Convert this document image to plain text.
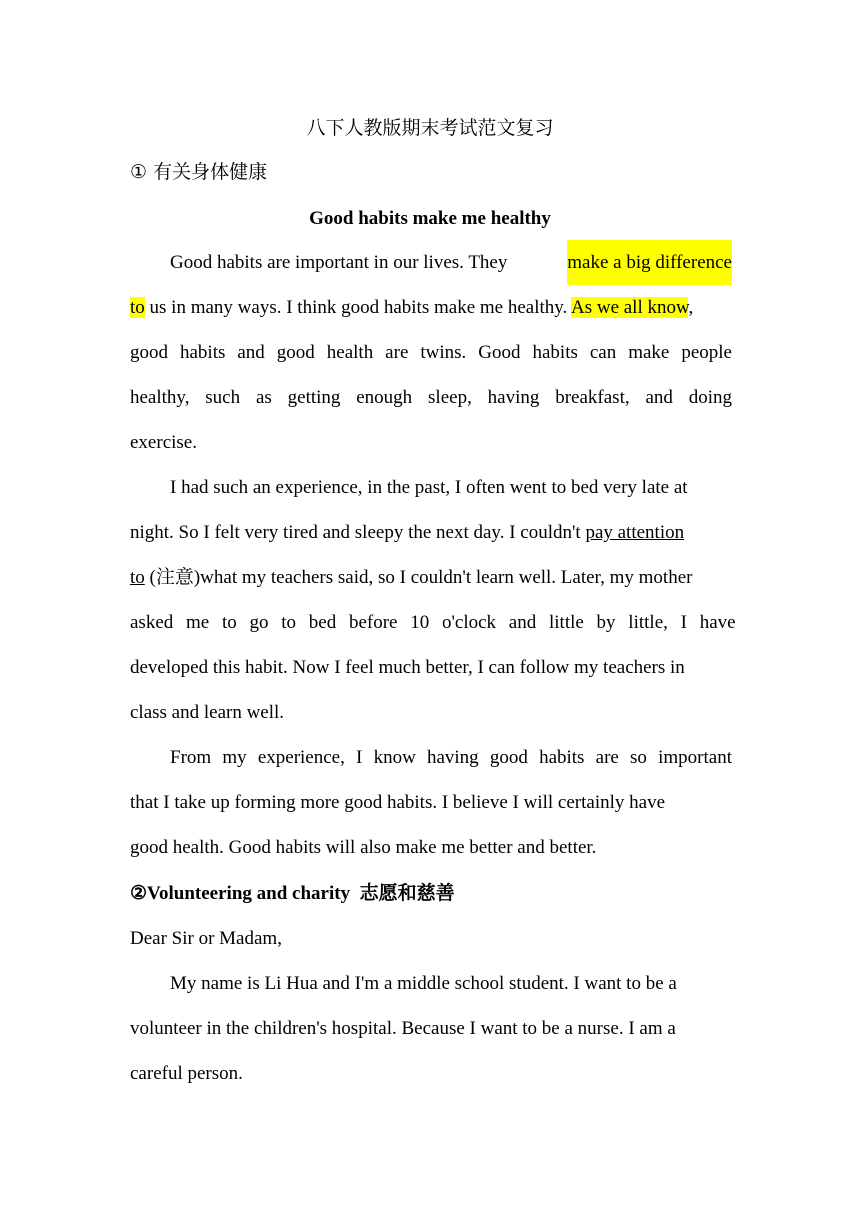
八下人教版期末考试范文复习
① 有关身体健康
Good habits make me healthy
Good habits are important in our lives. They	make a big difference
to us in many ways. I think good habits make me healthy. As we all know,
good habits and good health are twins. Good habits can make people
healthy, such as getting enough sleep, having breakfast, and doing
exercise.
I had such an experience, in the past, I often went to bed very late at
night. So I felt very tired and sleepy the next day. I couldn't pay attention
to (注意)what my teachers said, so I couldn't learn well. Later, my mother
asked me to go to bed before 10 o'clock and little by little, I have
developed this habit. Now I feel much better, I can follow my teachers in
class and learn well.
From my experience, I know having good habits are so important
that I take up forming more good habits. I believe I will certainly have
good health. Good habits will also make me better and better.
②Volunteering and charity 志愿和慈善
Dear Sir or Madam,
My name is Li Hua and I'm a middle school student. I want to be a
volunteer in the children's hospital. Because I want to be a nurse. I am a
careful person.
